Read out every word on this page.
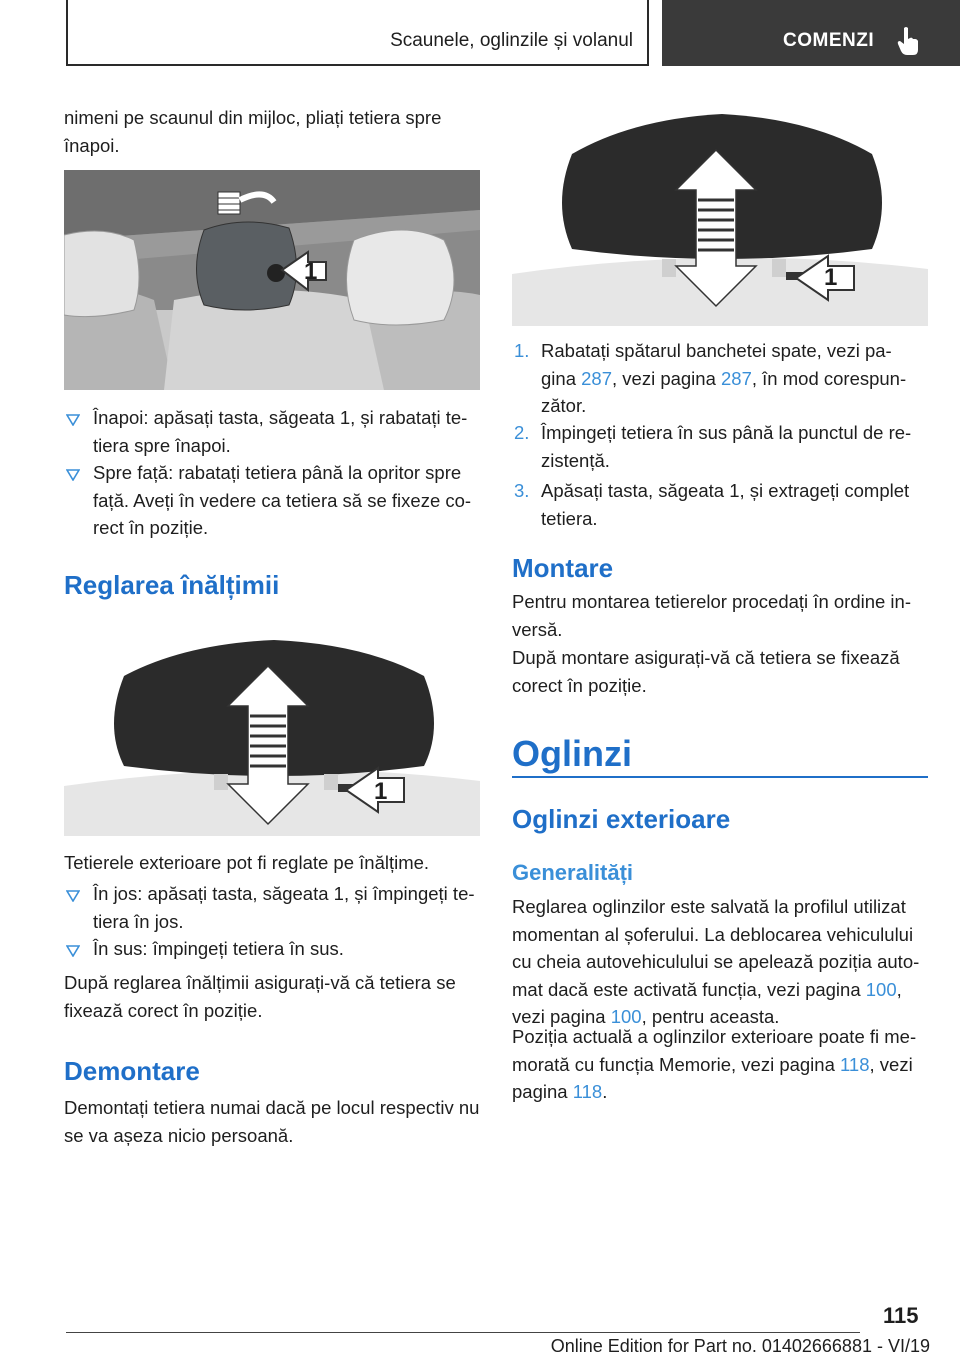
Scaunele, oglinzile și volanul	COMENZI
nimeni pe scaunul din mijloc, pliați tetiera spre înapoi.
1
Înapoi: apăsați tasta, săgeata 1, și rabatați te- tiera spre înapoi.
Spre față: rabatați tetiera până la opritor spre față. Aveți în vedere ca tetiera să se fixeze co- rect în poziție.
Reglarea înălțimii
1
Tetierele exterioare pot fi reglate pe înălțime.
În jos: apăsați tasta, săgeata 1, și împingeți te- tiera în jos.
În sus: împingeți tetiera în sus.
După reglarea înălțimii asigurați-vă că tetiera se fixează corect în poziție.
Demontare
Demontați tetiera numai dacă pe locul respectiv nu se va așeza nicio persoană.
1
1. Rabatați spătarul banchetei spate, vezi pa- gina 287, vezi pagina 287, în mod corespun- zător.
2. Împingeți tetiera în sus până la punctul de re- zistență.
3. Apăsați tasta, săgeata 1, și extrageți complet tetiera.
Montare
Pentru montarea tetierelor procedați în ordine in- versă.
După montare asigurați-vă că tetiera se fixează corect în poziție.
Oglinzi
Oglinzi exterioare
Generalități
Reglarea oglinzilor este salvată la profilul utilizat momentan al șoferului. La deblocarea vehiculului cu cheia autovehiculului se apelează poziția auto- mat dacă este activată funcția, vezi pagina 100, vezi pagina 100, pentru aceasta.
Poziția actuală a oglinzilor exterioare poate fi me- morată cu funcția Memorie, vezi pagina 118, vezi pagina 118.
115
Online Edition for Part no. 01402666881 - VI/19
